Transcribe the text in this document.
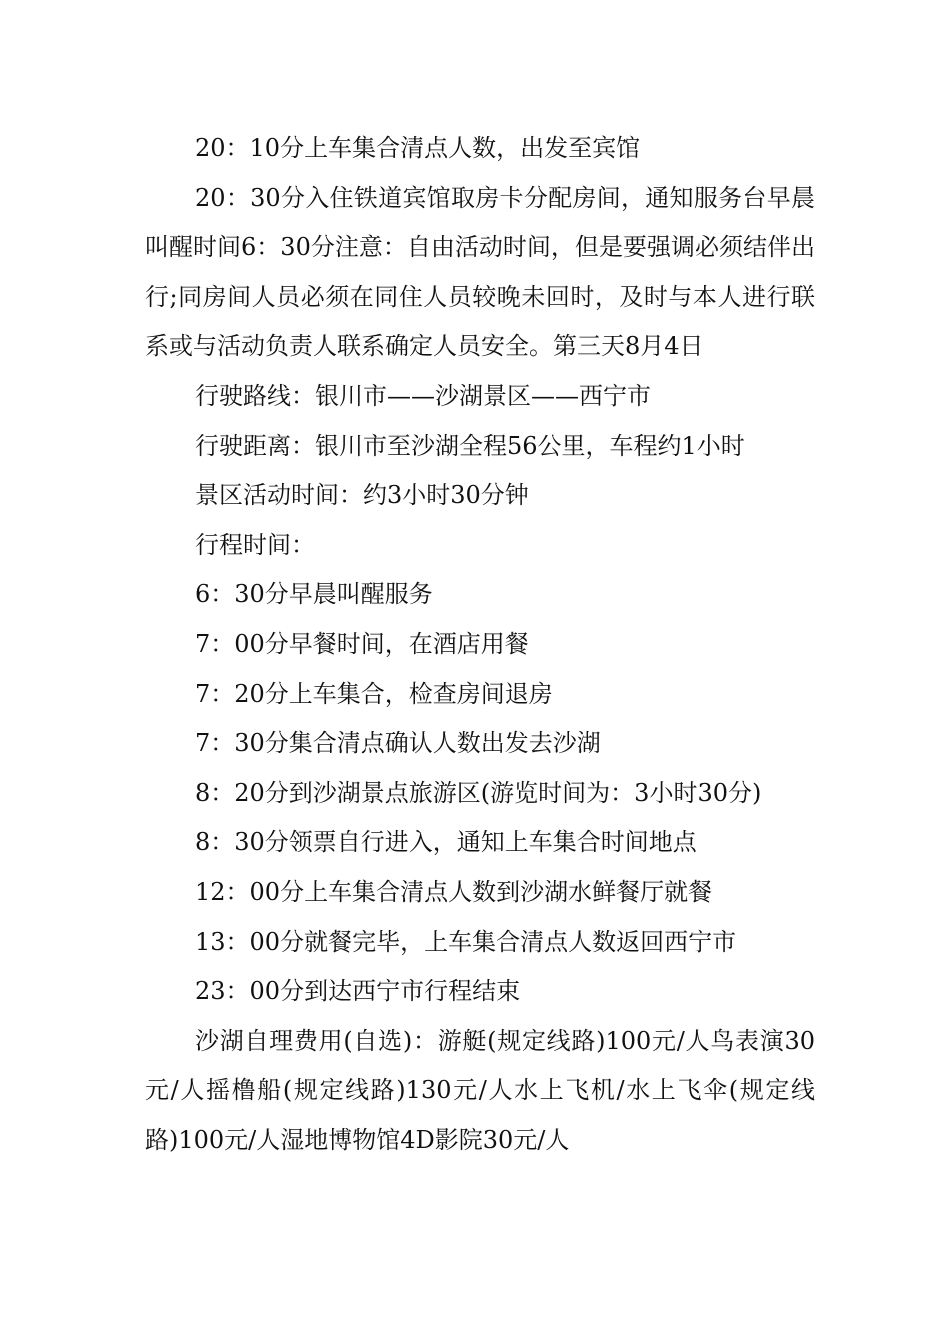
20：10分上车集合清点人数，出发至宾馆

20：30分入住铁道宾馆取房卡分配房间，通知服务台早晨叫醒时间6：30分注意：自由活动时间，但是要强调必须结伴出行;同房间人员必须在同住人员较晚未回时，及时与本人进行联系或与活动负责人联系确定人员安全。第三天8月4日

行驶路线：银川市——沙湖景区——西宁市

行驶距离：银川市至沙湖全程56公里，车程约1小时

景区活动时间：约3小时30分钟

行程时间：

6：30分早晨叫醒服务

7：00分早餐时间，在酒店用餐

7：20分上车集合，检查房间退房

7：30分集合清点确认人数出发去沙湖

8：20分到沙湖景点旅游区(游览时间为：3小时30分)

8：30分领票自行进入，通知上车集合时间地点

12：00分上车集合清点人数到沙湖水鲜餐厅就餐

13：00分就餐完毕，上车集合清点人数返回西宁市

23：00分到达西宁市行程结束

沙湖自理费用(自选)：游艇(规定线路)100元/人鸟表演30元/人摇橹船(规定线路)130元/人水上飞机/水上飞伞(规定线路)100元/人湿地博物馆4D影院30元/人
